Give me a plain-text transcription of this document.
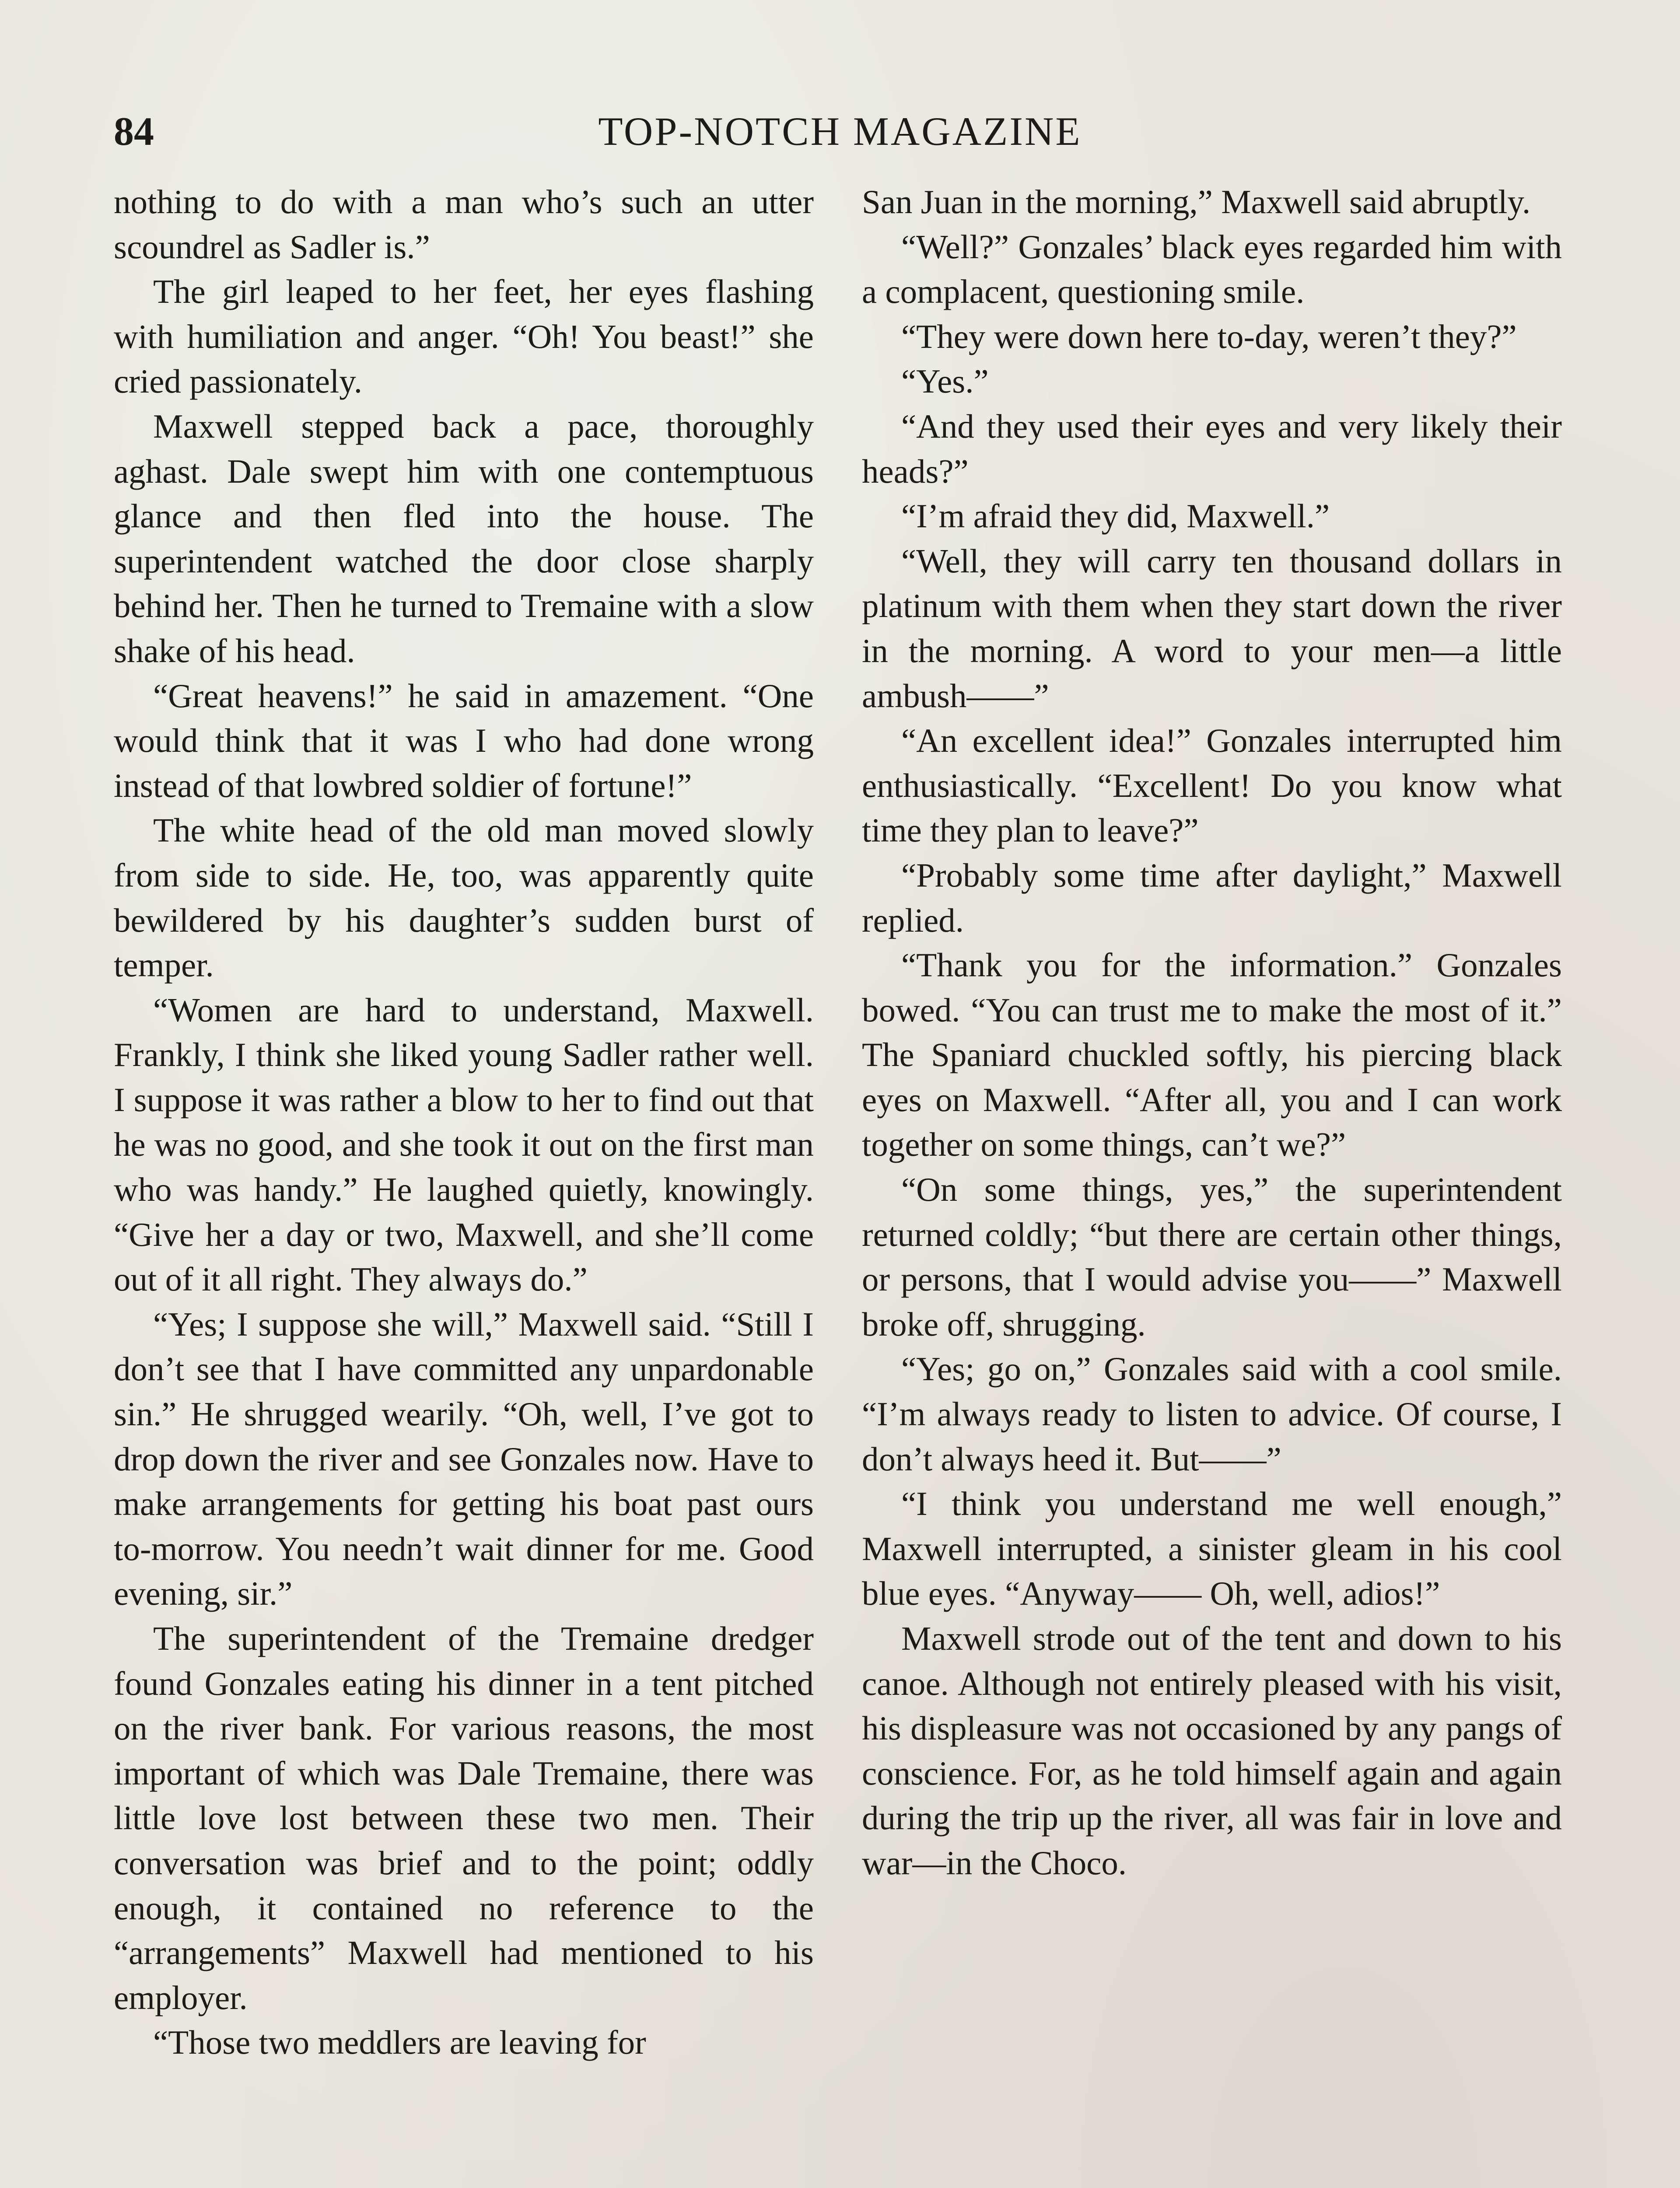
84	TOP-NOTCH MAGAZINE

nothing to do with a man who’s such an utter scoundrel as Sadler is.”

The girl leaped to her feet, her eyes flashing with humiliation and anger. “Oh! You beast!” she cried passionately.

Maxwell stepped back a pace, thoroughly aghast. Dale swept him with one contemptuous glance and then fled into the house. The superintendent watched the door close sharply behind her. Then he turned to Tremaine with a slow shake of his head.

“Great heavens!” he said in amazement. “One would think that it was I who had done wrong instead of that lowbred soldier of fortune!”

The white head of the old man moved slowly from side to side. He, too, was apparently quite bewildered by his daughter’s sudden burst of temper.

“Women are hard to understand, Maxwell. Frankly, I think she liked young Sadler rather well. I suppose it was rather a blow to her to find out that he was no good, and she took it out on the first man who was handy.” He laughed quietly, knowingly. “Give her a day or two, Maxwell, and she’ll come out of it all right. They always do.”

“Yes; I suppose she will,” Maxwell said. “Still I don’t see that I have committed any unpardonable sin.” He shrugged wearily. “Oh, well, I’ve got to drop down the river and see Gonzales now. Have to make arrangements for getting his boat past ours to-morrow. You needn’t wait dinner for me. Good evening, sir.”

The superintendent of the Tremaine dredger found Gonzales eating his dinner in a tent pitched on the river bank. For various reasons, the most important of which was Dale Tremaine, there was little love lost between these two men. Their conversation was brief and to the point; oddly enough, it contained no reference to the “arrangements” Maxwell had mentioned to his employer.

“Those two meddlers are leaving for

San Juan in the morning,” Maxwell said abruptly.

“Well?” Gonzales’ black eyes regarded him with a complacent, questioning smile.

“They were down here to-day, weren’t they?”

“Yes.”

“And they used their eyes and very likely their heads?”

“I’m afraid they did, Maxwell.”

“Well, they will carry ten thousand dollars in platinum with them when they start down the river in the morning. A word to your men—a little ambush——”

“An excellent idea!” Gonzales interrupted him enthusiastically. “Excellent! Do you know what time they plan to leave?”

“Probably some time after daylight,” Maxwell replied.

“Thank you for the information.” Gonzales bowed. “You can trust me to make the most of it.” The Spaniard chuckled softly, his piercing black eyes on Maxwell. “After all, you and I can work together on some things, can’t we?”

“On some things, yes,” the superintendent returned coldly; “but there are certain other things, or persons, that I would advise you——” Maxwell broke off, shrugging.

“Yes; go on,” Gonzales said with a cool smile. “I’m always ready to listen to advice. Of course, I don’t always heed it. But——”

“I think you understand me well enough,” Maxwell interrupted, a sinister gleam in his cool blue eyes. “Anyway—— Oh, well, adios!”

Maxwell strode out of the tent and down to his canoe. Although not entirely pleased with his visit, his displeasure was not occasioned by any pangs of conscience. For, as he told himself again and again during the trip up the river, all was fair in love and war—in the Choco.
